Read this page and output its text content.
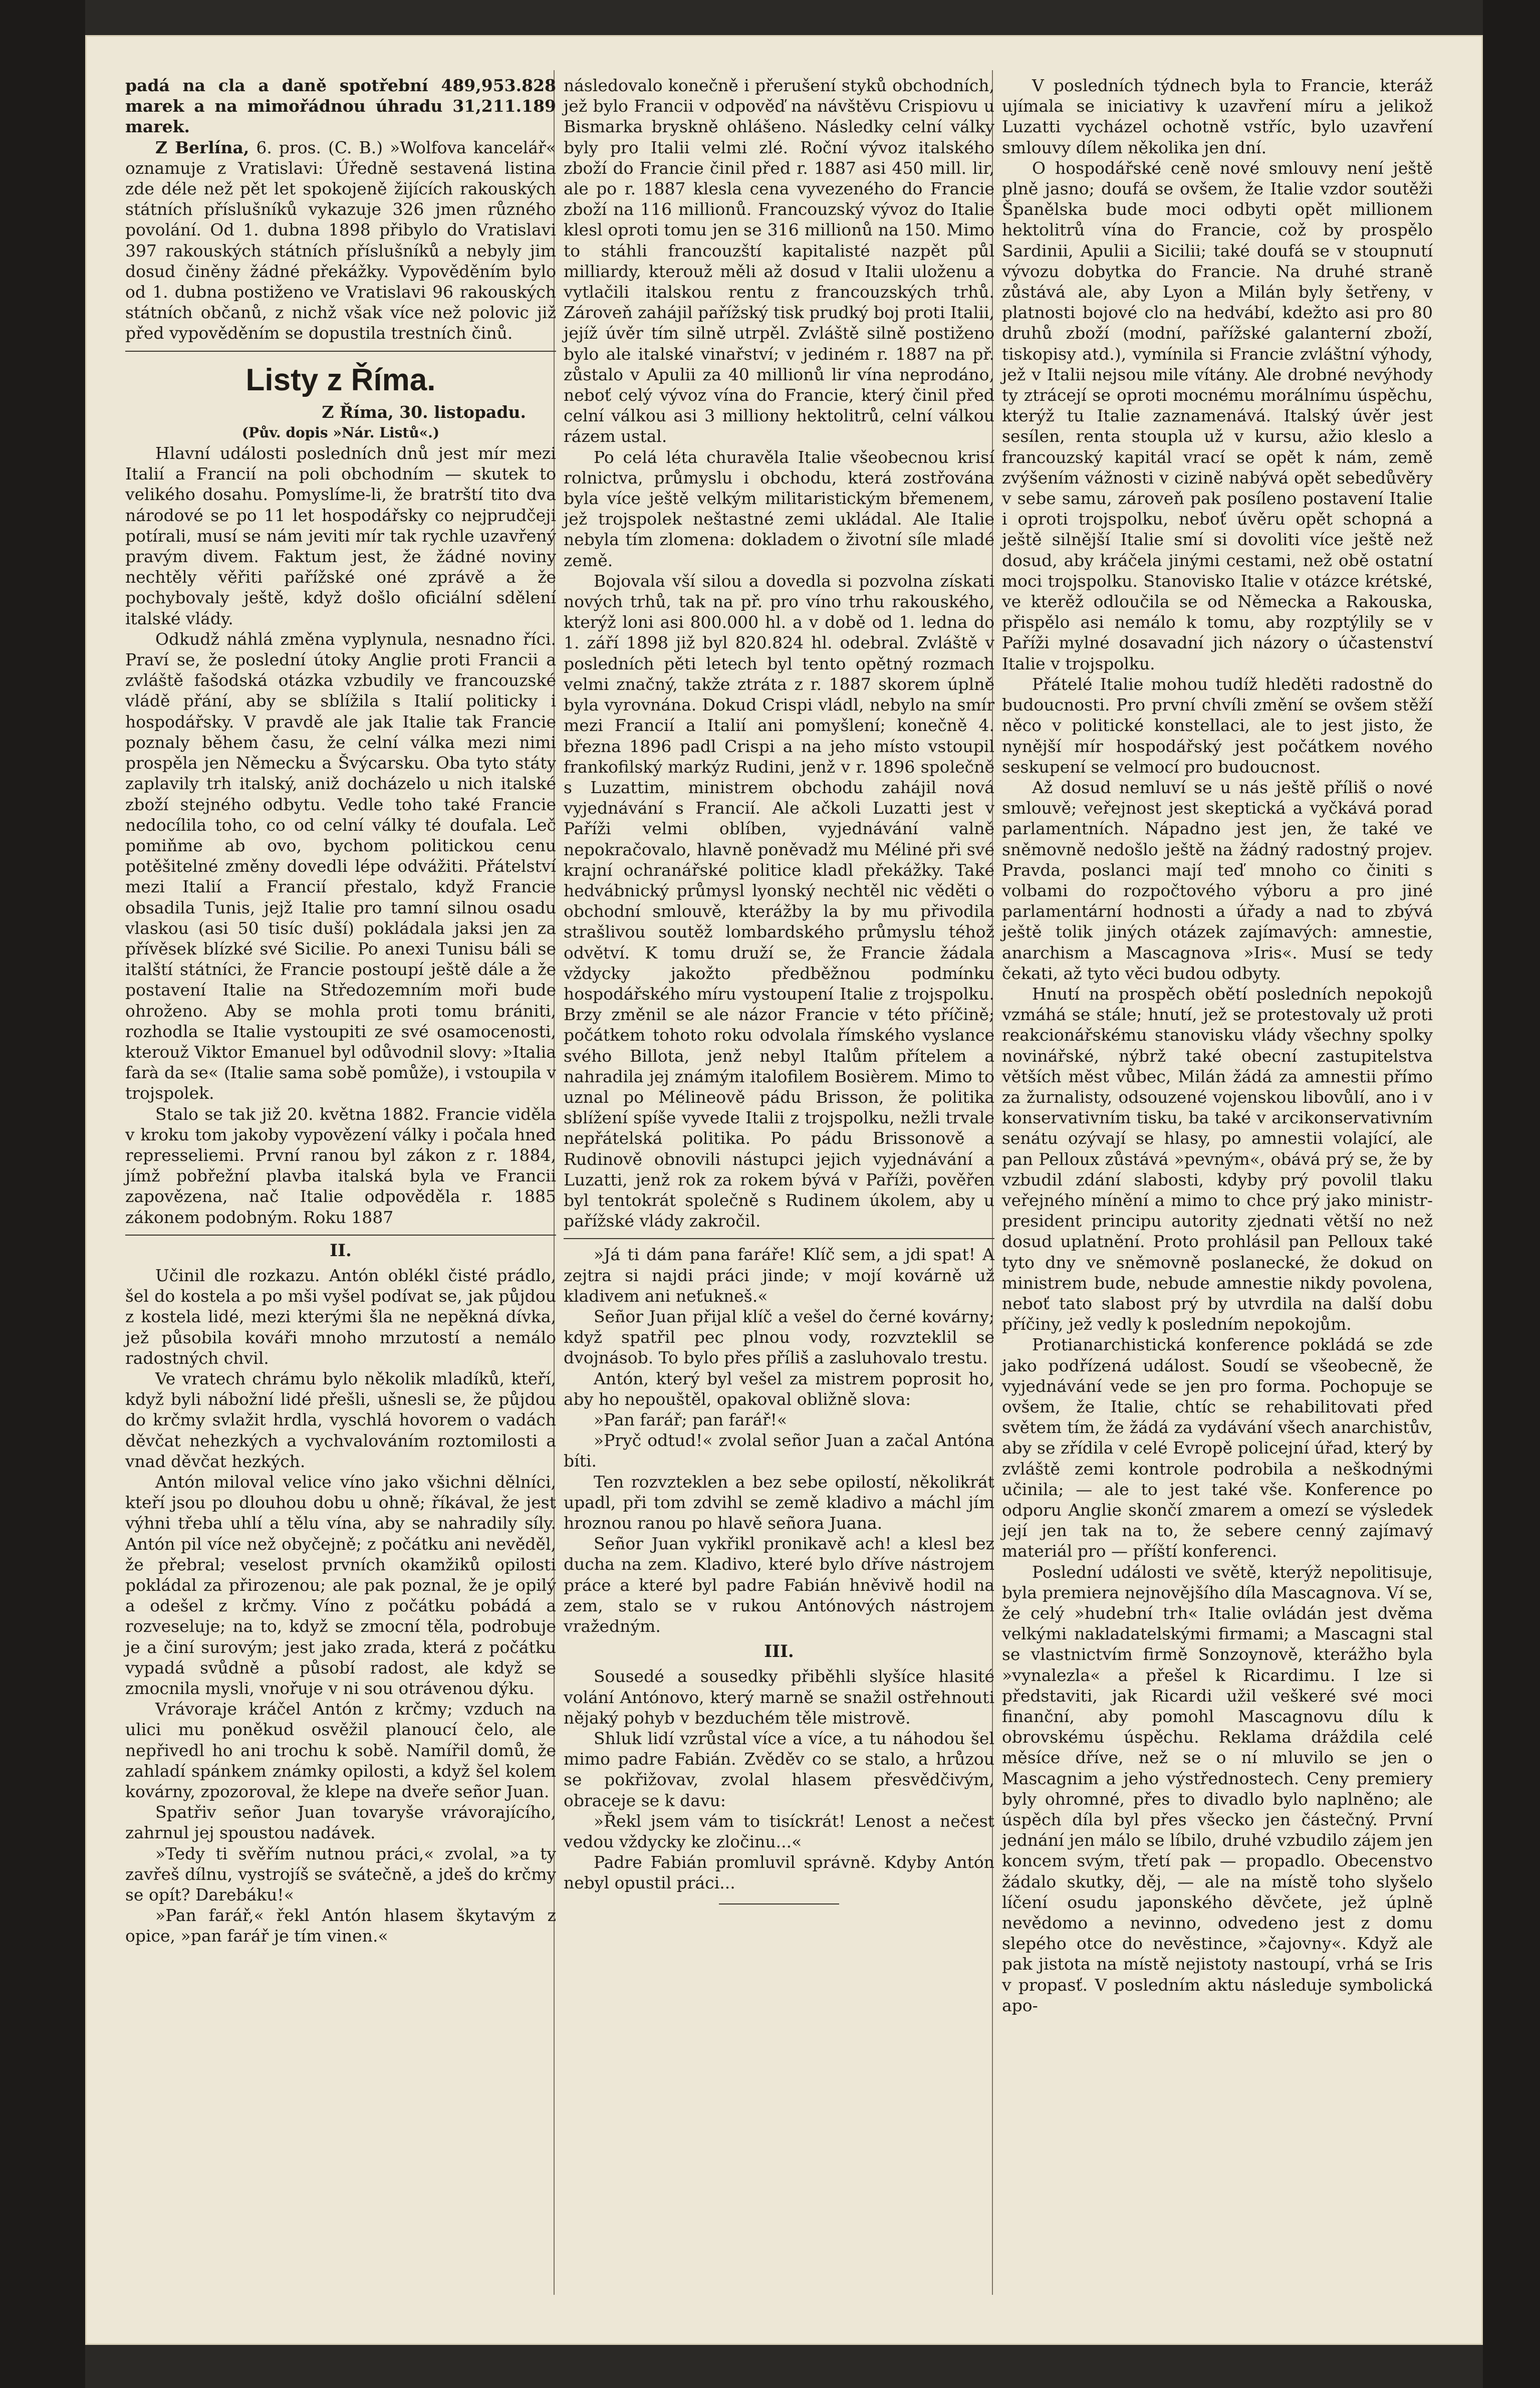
padá na cla a daně spotřební 489,953.828 marek a na mimořádnou úhradu 31,211.189 marek.

Z Berlína, 6. pros. (C. B.) »Wolfova kancelář« oznamuje z Vratislavi: Úředně sestavená listina zde déle než pět let spokojeně žijících rakouských státních příslušníků vykazuje 326 jmen různého povolání. Od 1. dubna 1898 přibylo do Vratislavi 397 rakouských státních příslušníků a nebyly jim dosud činěny žádné překážky. Vypověděním bylo od 1. dubna postiženo ve Vratislavi 96 rakouských státních občanů, z nichž však více než polovic již před vypověděním se dopustila trestních činů.

Listy z Říma.
Z Říma, 30. listopadu.
(Pův. dopis »Nár. Listů«.)

Hlavní události posledních dnů jest mír mezi Italií a Francií na poli obchodním — skutek to velikého dosahu. Pomyslíme-li, že bratrští tito dva národové se po 11 let hospodářsky co nejprudčeji potírali, musí se nám jeviti mír tak rychle uzavřený pravým divem. Faktum jest, že žádné noviny nechtěly věřiti pařížské oné zprávě a že pochybovaly ještě, když došlo oficiální sdělení italské vlády.

Odkudž náhlá změna vyplynula, nesnadno říci. Praví se, že poslední útoky Anglie proti Francii a zvláště fašodská otázka vzbudily ve francouzské vládě přání, aby se sblížila s Italií politicky i hospodářsky. V pravdě ale jak Italie tak Francie poznaly během času, že celní válka mezi nimi prospěla jen Německu a Švýcarsku. Oba tyto státy zaplavily trh italský, aniž docházelo u nich italské zboží stejného odbytu. Vedle toho také Francie nedocílila toho, co od celní války té doufala. Leč pomiňme ab ovo, bychom politickou cenu potěšitelné změny dovedli lépe odvážiti. Přátelství mezi Italií a Francií přestalo, když Francie obsadila Tunis, jejž Italie pro tamní silnou osadu vlaskou (asi 50 tisíc duší) pokládala jaksi jen za přívěsek blízké své Sicilie. Po anexi Tunisu báli se italští státníci, že Francie postoupí ještě dále a že postavení Italie na Středozemním moři bude ohroženo. Aby se mohla proti tomu brániti, rozhodla se Italie vystoupiti ze své osamocenosti, kterouž Viktor Emanuel byl odůvodnil slovy: »Italia farà da se« (Italie sama sobě pomůže), i vstoupila v trojspolek.

Stalo se tak již 20. května 1882. Francie viděla v kroku tom jakoby vypovězení války i počala hned represseliemi. První ranou byl zákon z r. 1884, jímž pobřežní plavba italská byla ve Francii zapovězena, nač Italie odpověděla r. 1885 zákonem podobným. Roku 1887

II.

Učinil dle rozkazu. Antón oblékl čisté prádlo, šel do kostela a po mši vyšel podívat se, jak půjdou z kostela lidé, mezi kterými šla ne nepěkná dívka, jež působila kováři mnoho mrzutostí a nemálo radostných chvil.

Ve vratech chrámu bylo několik mladíků, kteří, když byli nábožní lidé přešli, ušnesli se, že půjdou do krčmy svlažit hrdla, vyschlá hovorem o vadách děvčat nehezkých a vychvalováním roztomilosti a vnad děvčat hezkých.

Antón miloval velice víno jako všichni dělníci, kteří jsou po dlouhou dobu u ohně; říkával, že jest výhni třeba uhlí a tělu vína, aby se nahradily síly. Antón pil více než obyčejně; z počátku ani nevěděl, že přebral; veselost prvních okamžiků opilosti pokládal za přirozenou; ale pak poznal, že je opilý a odešel z krčmy. Víno z počátku pobádá a rozveseluje; na to, když se zmocní těla, podrobuje je a činí surovým; jest jako zrada, která z počátku vypadá svůdně a působí radost, ale když se zmocnila mysli, vnořuje v ni sou otrávenou dýku.

Vrávoraje kráčel Antón z krčmy; vzduch na ulici mu poněkud osvěžil planoucí čelo, ale nepřivedl ho ani trochu k sobě. Namířil domů, že zahladí spánkem známky opilosti, a když šel kolem kovárny, zpozoroval, že klepe na dveře señor Juan.

Spatřiv señor Juan tovaryše vrávorajícího, zahrnul jej spoustou nadávek.

»Tedy ti svěřím nutnou práci,« zvolal, »a ty zavřeš dílnu, vystrojíš se svátečně, a jdeš do krčmy se opít? Darebáku!«

»Pan farář,« řekl Antón hlasem škytavým z opice, »pan farář je tím vinen.«

následovalo konečně i přerušení styků obchodních, jež bylo Francii v odpověď na návštěvu Crispiovu u Bismarka bryskně ohlášeno. Následky celní války byly pro Italii velmi zlé. Roční vývoz italského zboží do Francie činil před r. 1887 asi 450 mill. lir, ale po r. 1887 klesla cena vyvezeného do Francie zboží na 116 millionů. Francouzský vývoz do Italie klesl oproti tomu jen se 316 millionů na 150. Mimo to stáhli francouzští kapitalisté nazpět půl milliardy, kterouž měli až dosud v Italii uloženu a vytlačili italskou rentu z francouzských trhů. Zároveň zahájil pařížský tisk prudký boj proti Italii, jejíž úvěr tím silně utrpěl. Zvláště silně postiženo bylo ale italské vinařství; v jediném r. 1887 na př. zůstalo v Apulii za 40 millionů lir vína neprodáno, neboť celý vývoz vína do Francie, který činil před celní válkou asi 3 milliony hektolitrů, celní válkou rázem ustal.

Po celá léta churavěla Italie všeobecnou krisí rolnictva, průmyslu i obchodu, která zostřována byla více ještě velkým militaristickým břemenem, jež trojspolek neštastné zemi ukládal. Ale Italie nebyla tím zlomena: dokladem o životní síle mladé země.

Bojovala vší silou a dovedla si pozvolna získati nových trhů, tak na př. pro víno trhu rakouského, kterýž loni asi 800.000 hl. a v době od 1. ledna do 1. září 1898 již byl 820.824 hl. odebral. Zvláště v posledních pěti letech byl tento opětný rozmach velmi značný, takže ztráta z r. 1887 skorem úplně byla vyrovnána. Dokud Crispi vládl, nebylo na smír mezi Francií a Italií ani pomyšlení; konečně 4. března 1896 padl Crispi a na jeho místo vstoupil frankofilský markýz Rudini, jenž v r. 1896 společně s Luzattim, ministrem obchodu zahájil nová vyjednávání s Francií. Ale ačkoli Luzatti jest v Paříži velmi oblíben, vyjednávání valně nepokračovalo, hlavně poněvadž mu Méliné při své krajní ochranářské politice kladl překážky. Také hedvábnický průmysl lyonský nechtěl nic věděti o obchodní smlouvě, kterážby la by mu přivodila strašlivou soutěž lombardského průmyslu téhož odvětví. K tomu druží se, že Francie žádala vždycky jakožto předběžnou podmínku hospodářského míru vystoupení Italie z trojspolku. Brzy změnil se ale názor Francie v této příčině; počátkem tohoto roku odvolala římského vyslance svého Billota, jenž nebyl Italům přítelem a nahradila jej známým italofilem Bosièrem. Mimo to uznal po Mélineově pádu Brisson, že politika sblížení spíše vyvede Italii z trojspolku, nežli trvale nepřátelská politika. Po pádu Brissonově a Rudinově obnovili nástupci jejich vyjednávání a Luzatti, jenž rok za rokem bývá v Paříži, pověřen byl tentokrát společně s Rudinem úkolem, aby u pařížské vlády zakročil.

»Já ti dám pana faráře! Klíč sem, a jdi spat! A zejtra si najdi práci jinde; v mojí kovárně už kladivem ani neťukneš.«

Señor Juan přijal klíč a vešel do černé kovárny; když spatřil pec plnou vody, rozvzteklil se dvojnásob. To bylo přes příliš a zasluhovalo trestu.

Antón, který byl vešel za mistrem poprosit ho, aby ho nepouštěl, opakoval obližně slova:

»Pan farář; pan farář!«

»Pryč odtud!« zvolal señor Juan a začal Antóna bíti.

Ten rozvzteklen a bez sebe opilostí, několikrát upadl, při tom zdvihl se země kladivo a máchl jím hroznou ranou po hlavě señora Juana.

Señor Juan vykřikl pronikavě ach! a klesl bez ducha na zem. Kladivo, které bylo dříve nástrojem práce a které byl padre Fabián hněvivě hodil na zem, stalo se v rukou Antónových nástrojem vražedným.

III.

Sousedé a sousedky přiběhli slyšíce hlasité volání Antónovo, který marně se snažil ostřehnouti nějaký pohyb v bezduchém těle mistrově.

Shluk lidí vzrůstal více a více, a tu náhodou šel mimo padre Fabián. Zvěděv co se stalo, a hrůzou se pokřižovav, zvolal hlasem přesvědčivým, obraceje se k davu:

»Řekl jsem vám to tisíckrát! Lenost a nečest vedou vždycky ke zločinu...«

Padre Fabián promluvil správně. Kdyby Antón nebyl opustil práci...

V posledních týdnech byla to Francie, kteráž ujímala se iniciativy k uzavření míru a jelikož Luzatti vycházel ochotně vstříc, bylo uzavření smlouvy dílem několika jen dní.

O hospodářské ceně nové smlouvy není ještě plně jasno; doufá se ovšem, že Italie vzdor soutěži Španělska bude moci odbyti opět millionem hektolitrů vína do Francie, což by prospělo Sardinii, Apulii a Sicilii; také doufá se v stoupnutí vývozu dobytka do Francie. Na druhé straně zůstává ale, aby Lyon a Milán byly šetřeny, v platnosti bojové clo na hedvábí, kdežto asi pro 80 druhů zboží (modní, pařížské galanterní zboží, tiskopisy atd.), vymínila si Francie zvláštní výhody, jež v Italii nejsou mile vítány. Ale drobné nevýhody ty ztrácejí se oproti mocnému morálnímu úspěchu, kterýž tu Italie zaznamenává. Italský úvěr jest sesílen, renta stoupla už v kursu, ažio kleslo a francouzský kapitál vrací se opět k nám, země zvýšením vážnosti v cizině nabývá opět sebedůvěry v sebe samu, zároveň pak posíleno postavení Italie i oproti trojspolku, neboť úvěru opět schopná a ještě silnější Italie smí si dovoliti více ještě než dosud, aby kráčela jinými cestami, než obě ostatní moci trojspolku. Stanovisko Italie v otázce krétské, ve kterěž odloučila se od Německa a Rakouska, přispělo asi nemálo k tomu, aby rozptýlily se v Paříži mylné dosavadní jich názory o účastenství Italie v trojspolku.

Přátelé Italie mohou tudíž hleděti radostně do budoucnosti. Pro první chvíli změní se ovšem stěží něco v politické konstellaci, ale to jest jisto, že nynější mír hospodářský jest počátkem nového seskupení se velmocí pro budoucnost.

Až dosud nemluví se u nás ještě příliš o nové smlouvě; veřejnost jest skeptická a vyčkává porad parlamentních. Nápadno jest jen, že také ve sněmovně nedošlo ještě na žádný radostný projev. Pravda, poslanci mají teď mnoho co činiti s volbami do rozpočtového výboru a pro jiné parlamentární hodnosti a úřady a nad to zbývá ještě tolik jiných otázek zajímavých: amnestie, anarchism a Mascagnova »Iris«. Musí se tedy čekati, až tyto věci budou odbyty.

Hnutí na prospěch obětí posledních nepokojů vzmáhá se stále; hnutí, jež se protestovaly už proti reakcionářskému stanovisku vlády všechny spolky novinářské, nýbrž také obecní zastupitelstva větších měst vůbec, Milán žádá za amnestii přímo za žurnalisty, odsouzené vojenskou libovůlí, ano i v konservativním tisku, ba také v arcikonservativním senátu ozývají se hlasy, po amnestii volající, ale pan Pelloux zůstává »pevným«, obává prý se, že by vzbudil zdání slabosti, kdyby prý povolil tlaku veřejného mínění a mimo to chce prý jako ministr-president principu autority zjednati větší no než dosud uplatnění. Proto prohlásil pan Pelloux také tyto dny ve sněmovně poslanecké, že dokud on ministrem bude, nebude amnestie nikdy povolena, neboť tato slabost prý by utvrdila na další dobu příčiny, jež vedly k posledním nepokojům.

Protianarchistická konference pokládá se zde jako podřízená událost. Soudí se všeobecně, že vyjednávání vede se jen pro forma. Pochopuje se ovšem, že Italie, chtíc se rehabilitovati před světem tím, že žádá za vydávání všech anarchistův, aby se zřídila v celé Evropě policejní úřad, který by zvláště zemi kontrole podrobila a neškodnými učinila; — ale to jest také vše. Konference po odporu Anglie skončí zmarem a omezí se výsledek její jen tak na to, že sebere cenný zajímavý materiál pro — příští konferenci.

Poslední události ve světě, kterýž nepolitisuje, byla premiera nejnovějšího díla Mascagnova. Ví se, že celý »hudební trh« Italie ovládán jest dvěma velkými nakladatelskými firmami; a Mascagni stal se vlastnictvím firmě Sonzoynově, kterážho byla »vynalezla« a přešel k Ricardimu. I lze si představiti, jak Ricardi užil veškeré své moci finanční, aby pomohl Mascagnovu dílu k obrovskému úspěchu. Reklama dráždila celé měsíce dříve, než se o ní mluvilo se jen o Mascagnim a jeho výstřednostech. Ceny premiery byly ohromné, přes to divadlo bylo naplněno; ale úspěch díla byl přes všecko jen částečný. První jednání jen málo se líbilo, druhé vzbudilo zájem jen koncem svým, třetí pak — propadlo. Obecenstvo žádalo skutky, děj, — ale na místě toho slyšelo líčení osudu japonského děvčete, jež úplně nevědomo a nevinno, odvedeno jest z domu slepého otce do nevěstince, »čajovny«. Když ale pak jistota na místě nejistoty nastoupí, vrhá se Iris v propasť. V posledním aktu následuje symbolická apo-
